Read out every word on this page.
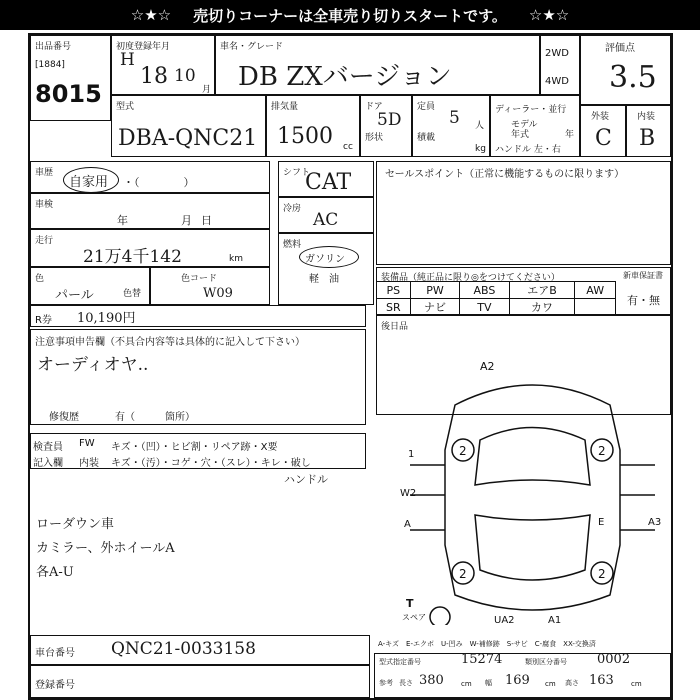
☆★☆ 売切りコーナーは全車売り切りスタートです。 ☆★☆
出品番号
[1884]
8015
初度登録年月
H
18 10
月
車名・グレード
DB ZXバージョン
2WD
4WD
評価点
3.5
型式
DBA-QNC21
排気量
1500 cc
ドア
5D
形状
定員
5 人
積載
kg
ディーラー・並行
モデル
年式	年
ハンドル 左・右
外装
C
内装
B
車歴
自家用 ・（　　　　）
車検
年	月 日
走行
21万4千142	km
色
パール	色替
色コード
W09
R券 10,190円
シフト
CAT
冷房
AC
燃料
ガソリン
軽　油
セールスポイント（正常に機能するものに限ります）
装備品（純正品に限り◎をつけてください）	新車保証書
有・無
PS	PW	ABS	エアB	AW
SR	ナビ	TV	カワ	
後日品
注意事項申告欄（不具合内容等は具体的に記入して下さい）
オーディオヤ..
修復歴	有（　　　箇所）
検査員
記入欄
FW キズ・（凹）・ヒビ割・リペア跡・X要
内装 キズ・（汚）・コゲ・穴・（スレ）・キレ・破し
ハンドル
ローダウン車
カミラー、外ホイールA
各A-U
A2
2	2
2	2
1
W2
A	E	A3
T
スペア	UA2	A1
車台番号 QNC21-0033158
登録番号
A-キズ　E-エクボ　U-凹み　W-補修跡　S-サビ　C-腐食　XX-交換済
型式指定番号	15274	類別区分番号 0002
参考 長さ 380 cm 幅 169 cm 高さ 163 cm
